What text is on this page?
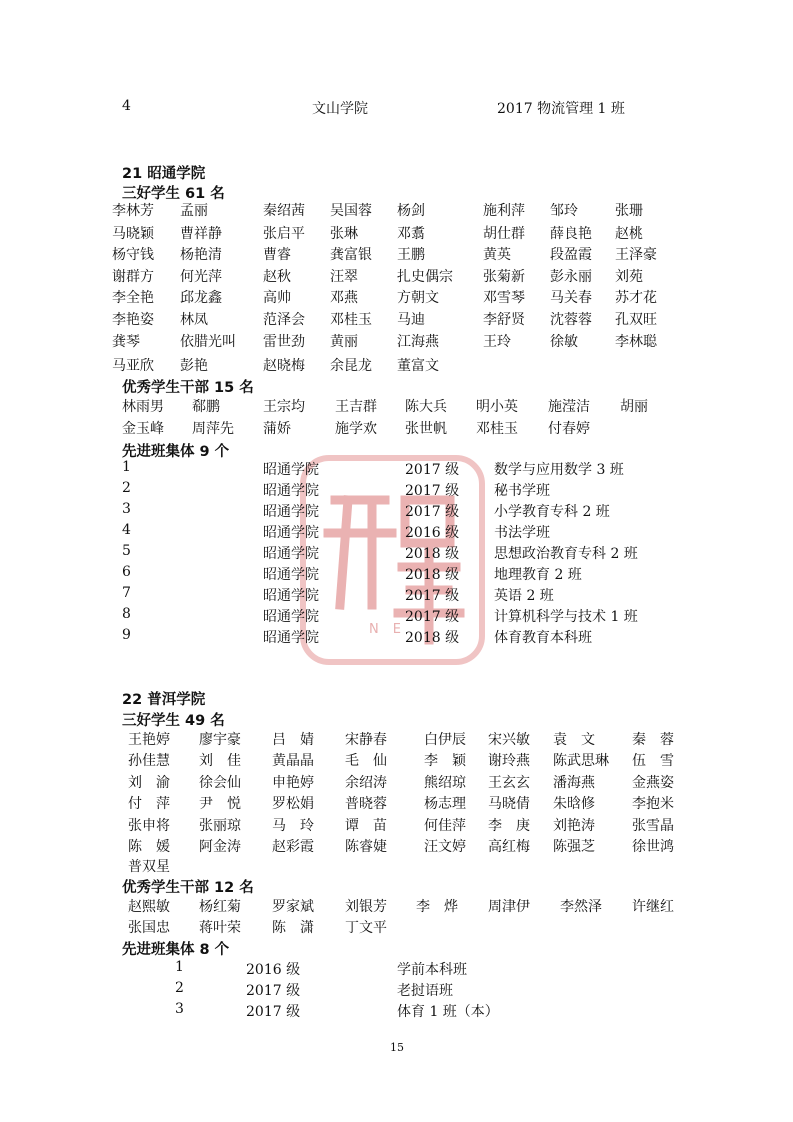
4	文山学院	2017 物流管理 1 班
NE
21 昭通学院
三好学生 61 名
李林芳 孟丽	秦绍茜 吴国蓉 杨剑	施利萍 邹玲	张珊
马晓颖 曹祥静	张启平 张琳	邓翥	胡仕群 薛良艳 赵桃
杨守钱 杨艳清	曹睿	龚富银 王鹏	黄英	段盈霞 王泽豪
谢群方 何光萍	赵秋	汪翠	扎史偶宗 张菊新 彭永丽 刘苑
李全艳 邱龙鑫	高帅	邓燕	方朝文	邓雪琴 马关春 苏才花
李艳姿 林凤	范泽会 邓桂玉 马迪	李舒贤 沈蓉蓉 孔双旺
龚琴	依腊光叫 雷世劲 黄丽	江海燕	王玲	徐敏	李林聪
马亚欣 彭艳	赵晓梅 余昆龙 董富文
优秀学生干部 15 名
林雨男 郗鹏	王宗均 王吉群 陈大兵 明小英 施滢洁 胡丽
金玉峰 周萍先 蒲娇	施学欢 张世帆 邓桂玉 付春婷
先进班集体 9 个
1	昭通学院	2017 级 数学与应用数学 3 班
2	昭通学院	2017 级 秘书学班
3	昭通学院	2017 级 小学教育专科 2 班
4	昭通学院	2016 级 书法学班
5	昭通学院	2018 级 思想政治教育专科 2 班
6	昭通学院	2018 级 地理教育 2 班
7	昭通学院	2017 级 英语 2 班
8	昭通学院	2017 级 计算机科学与技术 1 班
9	昭通学院	2018 级 体育教育本科班
22 普洱学院
三好学生 49 名
王艳婷 廖宇豪 吕　婧 宋静春	白伊辰 宋兴敏 袁　文	秦　蓉
孙佳慧 刘　佳 黄晶晶 毛　仙	李　颖 谢玲燕 陈武思琳 伍　雪
刘　渝 徐会仙 申艳婷 余绍涛	熊绍琼 王玄玄 潘海燕	金燕姿
付　萍 尹　悦 罗松娟 普晓蓉	杨志理 马晓倩 朱晗修	李抱米
张申将 张丽琼 马　玲 谭　苗	何佳萍 李　庚 刘艳涛	张雪晶
陈　媛 阿金涛 赵彩霞 陈睿婕	汪文婷 高红梅 陈强芝	徐世鸿
普双星
优秀学生干部 12 名
赵熙敏 杨红菊 罗家斌 刘银芳 李　烨 周津伊 李然泽 许继红
张国忠 蒋叶荣 陈　潇 丁文平
先进班集体 8 个
1	2016 级	学前本科班
2	2017 级	老挝语班
3	2017 级	体育 1 班（本）
15
